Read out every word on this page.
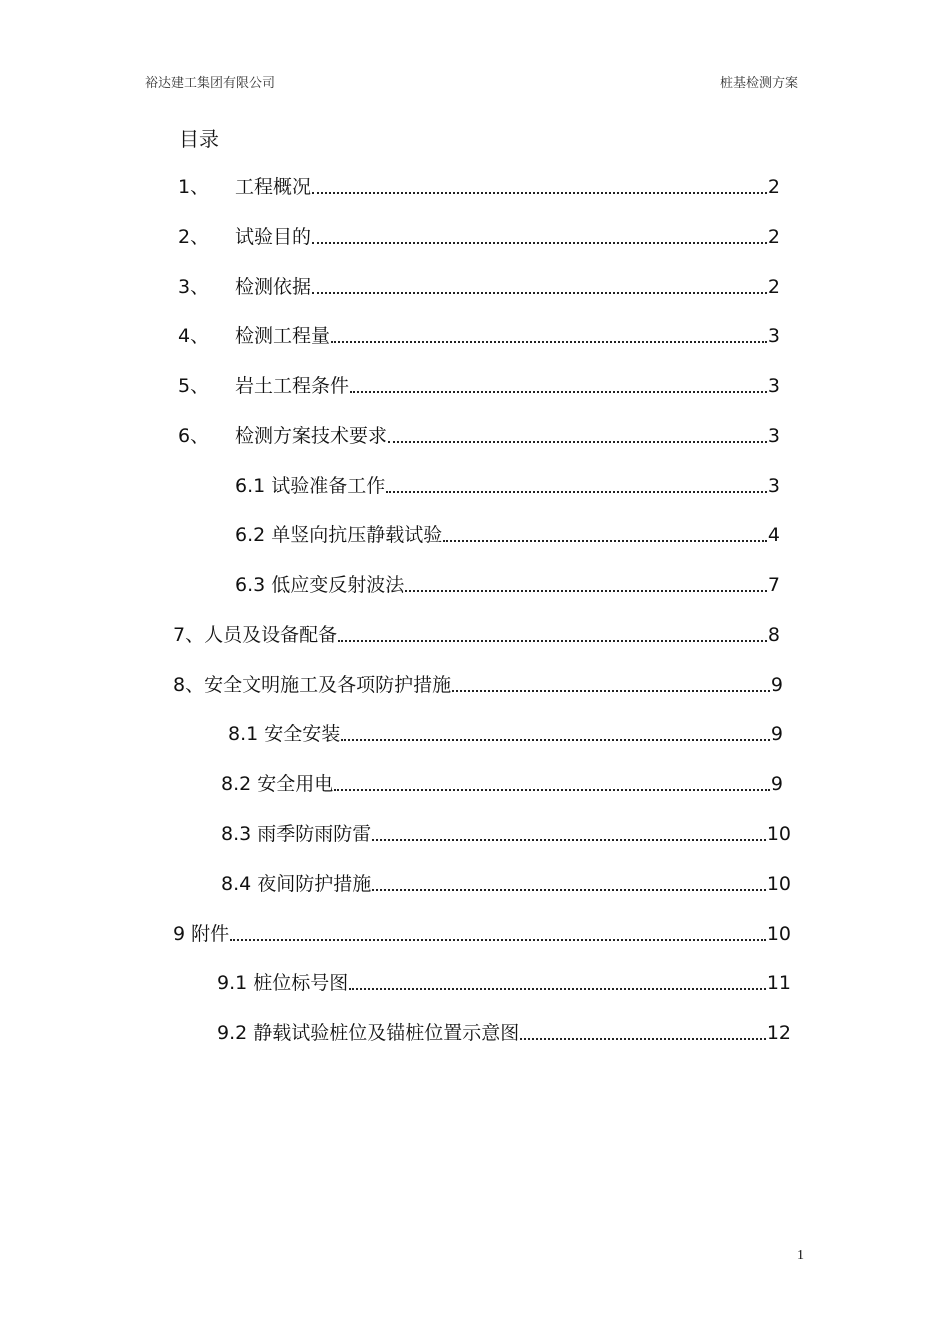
裕达建工集团有限公司	桩基检测方案
目录
1、	工程概况	2
2、	试验目的	2
3、	检测依据	2
4、	检测工程量	3
5、	岩土工程条件	3
6、	检测方案技术要求	3
6.1 试验准备工作	3
6.2 单竖向抗压静载试验	4
6.3 低应变反射波法	7
7、人员及设备配备	8
8、安全文明施工及各项防护措施	9
8.1 安全安装	9
8.2 安全用电	9
8.3 雨季防雨防雷	10
8.4 夜间防护措施	10
9 附件	10
9.1 桩位标号图	11
9.2 静载试验桩位及锚桩位置示意图	12
1
